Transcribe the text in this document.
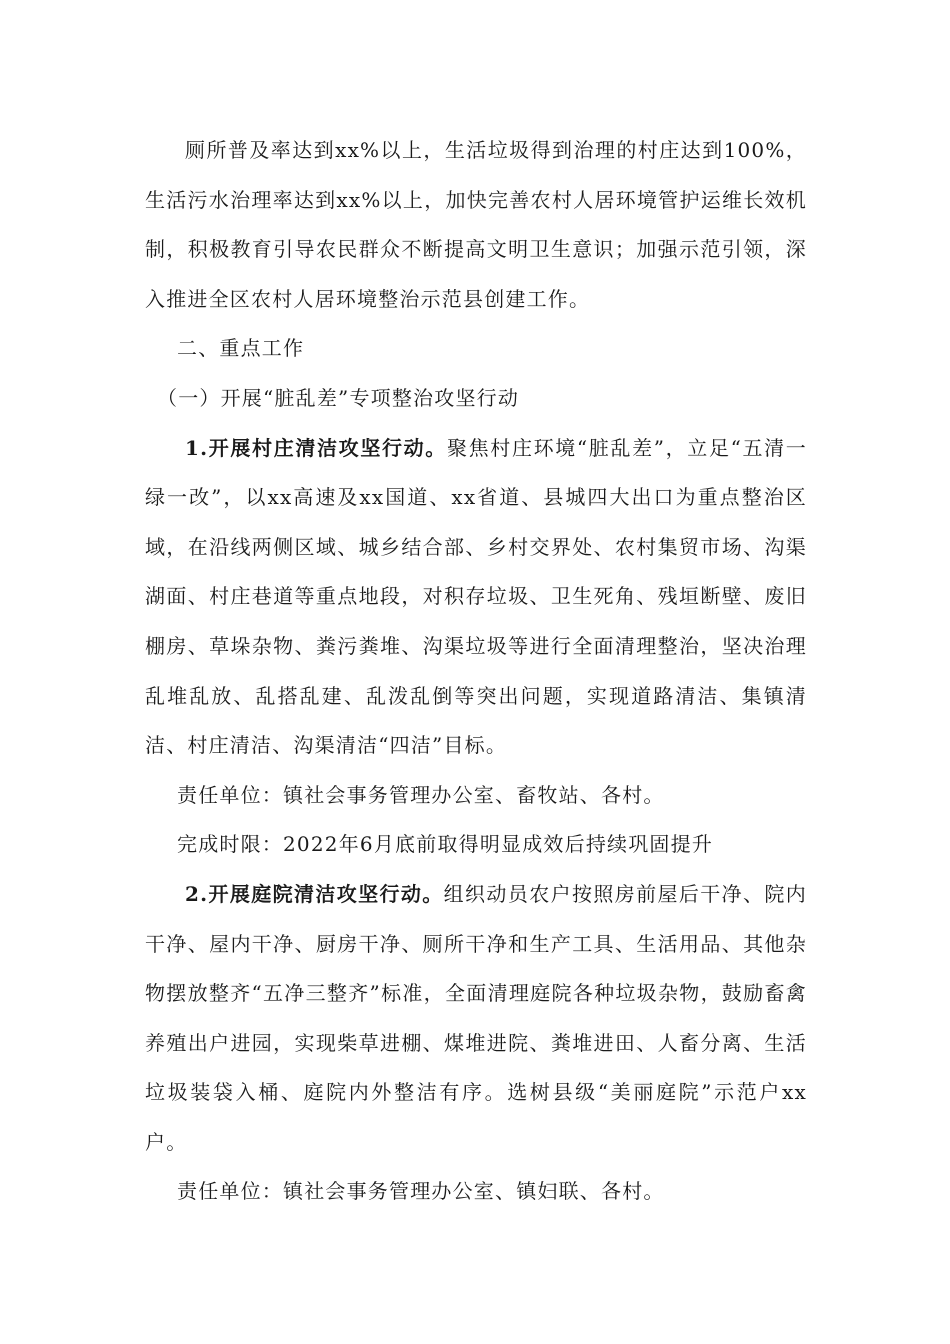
厕所普及率达到xx%以上，生活垃圾得到治理的村庄达到100%，生活污水治理率达到xx%以上，加快完善农村人居环境管护运维长效机制，积极教育引导农民群众不断提高文明卫生意识；加强示范引领，深入推进全区农村人居环境整治示范县创建工作。

二、重点工作

（一）开展“脏乱差”专项整治攻坚行动

1.开展村庄清洁攻坚行动。聚焦村庄环境“脏乱差”，立足“五清一绿一改”，以xx高速及xx国道、xx省道、县城四大出口为重点整治区域，在沿线两侧区域、城乡结合部、乡村交界处、农村集贸市场、沟渠湖面、村庄巷道等重点地段，对积存垃圾、卫生死角、残垣断壁、废旧棚房、草垛杂物、粪污粪堆、沟渠垃圾等进行全面清理整治，坚决治理乱堆乱放、乱搭乱建、乱泼乱倒等突出问题，实现道路清洁、集镇清洁、村庄清洁、沟渠清洁“四洁”目标。

责任单位：镇社会事务管理办公室、畜牧站、各村。

完成时限：2022年6月底前取得明显成效后持续巩固提升

2.开展庭院清洁攻坚行动。组织动员农户按照房前屋后干净、院内干净、屋内干净、厨房干净、厕所干净和生产工具、生活用品、其他杂物摆放整齐“五净三整齐”标准，全面清理庭院各种垃圾杂物，鼓励畜禽养殖出户进园，实现柴草进棚、煤堆进院、粪堆进田、人畜分离、生活垃圾装袋入桶、庭院内外整洁有序。选树县级“美丽庭院”示范户xx户。

责任单位：镇社会事务管理办公室、镇妇联、各村。
